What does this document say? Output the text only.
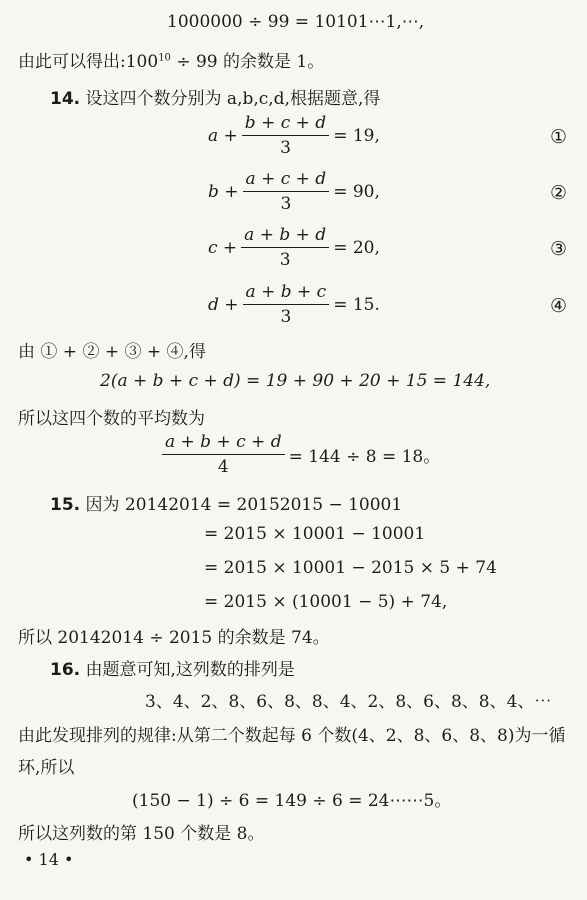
1000000 ÷ 99 = 10101⋯1,⋯,
由此可以得出$:100^{10} \div 99$ 的余数是 1。
14. 设这四个数分别为 a,b,c,d,根据题意,得
$a + \frac{b + c + d}{3} = 19$,	①
$b + \frac{a + c + d}{3} = 90$,	②
$c + \frac{a + b + d}{3} = 20$,	③
$d + \frac{a + b + c}{3} = 15$.	④
由 ① + ② + ③ + ④,得
2(a + b + c + d) = 19 + 90 + 20 + 15 = 144,
所以这四个数的平均数为
$\frac{a + b + c + d}{4} = 144 \div 8 = 18$。
15. 因为 20142014 = 20152015 − 10001
= 2015 × 10001 − 10001
= 2015 × 10001 − 2015 × 5 + 74
= 2015 × (10001 − 5) + 74,
所以 20142014 ÷ 2015 的余数是 74。
16. 由题意可知,这列数的排列是
3、4、2、8、6、8、8、4、2、8、6、8、8、4、⋯
由此发现排列的规律:从第二个数起每 6 个数(4、2、8、6、8、8)为一循
环,所以
(150 − 1) ÷ 6 = 149 ÷ 6 = 24⋯⋯5。
所以这列数的第 150 个数是 8。
• 14 •
